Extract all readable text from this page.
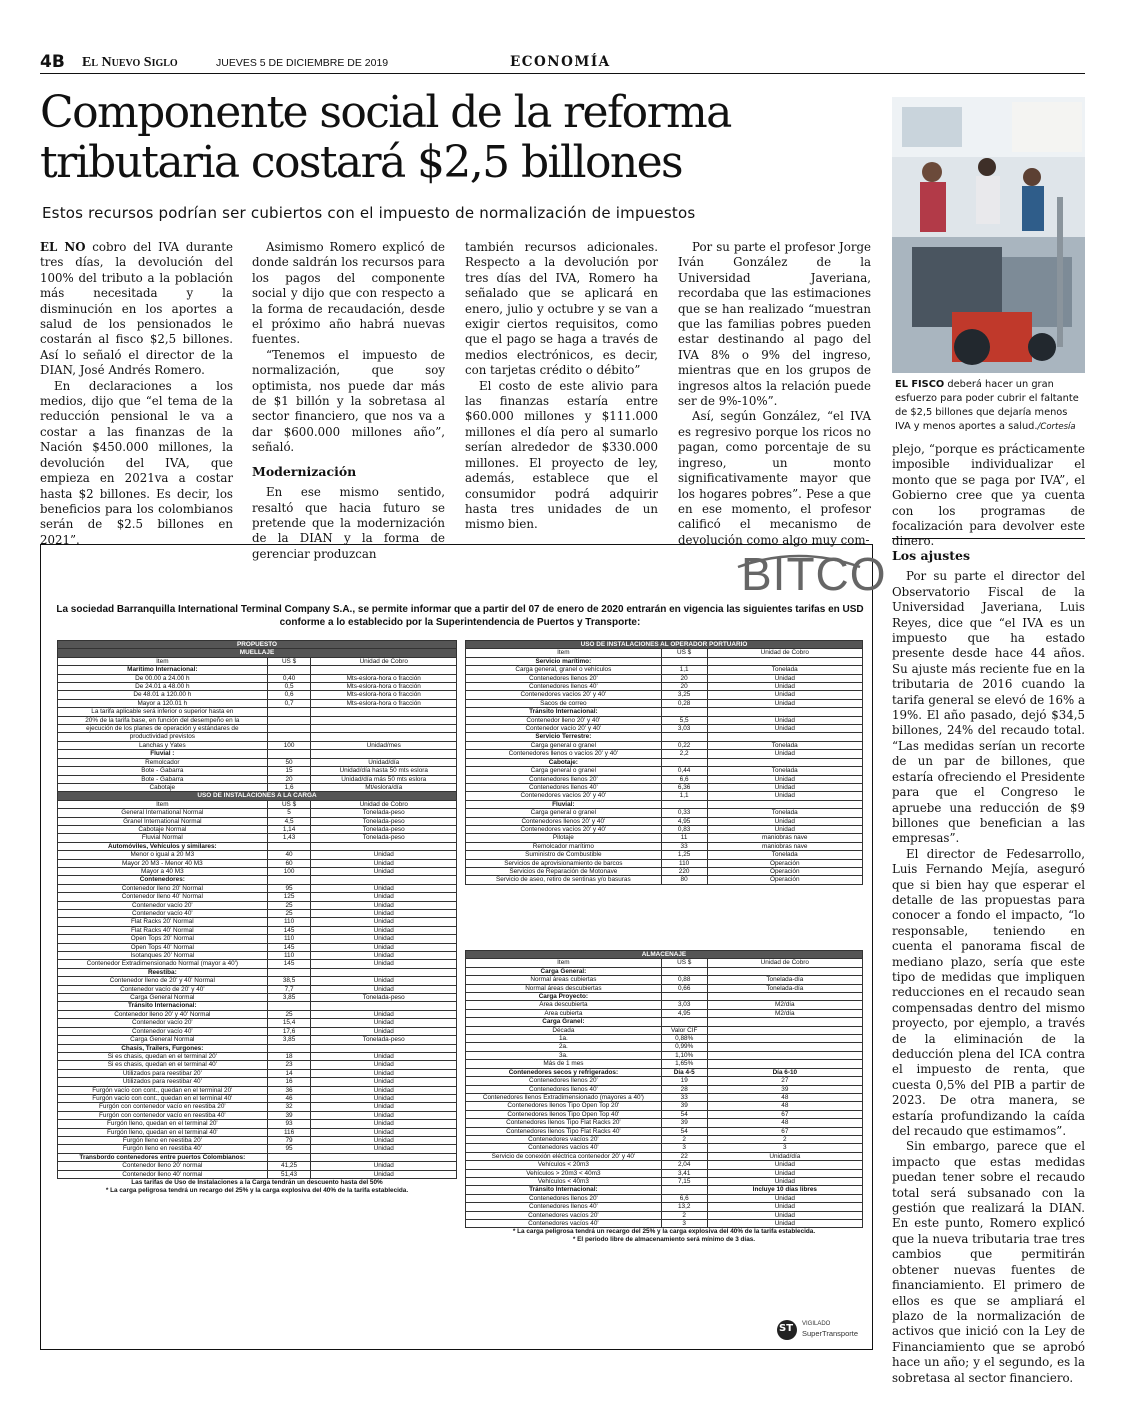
4B El Nuevo Siglo	JUEVES 5 DE DICIEMBRE DE 2019	ECONOMÍA
Componente social de la reforma tributaria costará $2,5 billones
Estos recursos podrían ser cubiertos con el impuesto de normalización de impuestos

EL NO cobro del IVA durante tres días, la devolución del 100% del tributo a la población más necesitada y la disminución en los aportes a salud de los pensionados le costarán al fisco $2,5 billones. Así lo señaló el director de la DIAN, José Andrés Romero.

En declaraciones a los medios, dijo que “el tema de la reducción pensional le va a costar a las finanzas de la Nación $450.000 millones, la devolución del IVA, que empieza en 2021va a costar hasta $2 billones. Es decir, los beneficios para los colombianos serán de $2.5 billones en 2021”.

Asimismo Romero explicó de donde saldrán los recursos para los pagos del componente social y dijo que con respecto a la forma de recaudación, desde el próximo año habrá nuevas fuentes.

“Tenemos el impuesto de normalización, que soy optimista, nos puede dar más de $1 billón y la sobretasa al sector financiero, que nos va a dar $600.000 millones año”, señaló.

Modernización

En ese mismo sentido, resaltó que hacia futuro se pretende que la modernización de la DIAN y la forma de gerenciar produzcan

también recursos adicionales. Respecto a la devolución por tres días del IVA, Romero ha señalado que se aplicará en enero, julio y octubre y se van a exigir ciertos requisitos, como que el pago se haga a través de medios electrónicos, es decir, con tarjetas crédito o débito”

El costo de este alivio para las finanzas estaría entre $60.000 millones y $111.000 millones el día pero al sumarlo serían alrededor de $330.000 millones. El proyecto de ley, además, establece que el consumidor podrá adquirir hasta tres unidades de un mismo bien.

Por su parte el profesor Jorge Iván González de la Universidad Javeriana, recordaba que las estimaciones que se han realizado “muestran que las familias pobres pueden estar destinando al pago del IVA 8% o 9% del ingreso, mientras que en los grupos de ingresos altos la relación puede ser de 9%-10%”.

Así, según González, “el IVA es regresivo porque los ricos no pagan, como porcentaje de su ingreso, un monto significativamente mayor que los hogares pobres”. Pese a que en ese momento, el profesor calificó el mecanismo de devolución como algo muy com-

EL FISCO deberá hacer un gran esfuerzo para poder cubrir el faltante de $2,5 billones que dejaría menos IVA y menos aportes a salud./Cortesía

plejo, “porque es prácticamente imposible individualizar el monto que se paga por IVA”, el Gobierno cree que ya cuenta con los programas de focalización para devolver este dinero.

Los ajustes

Por su parte el director del Observatorio Fiscal de la Universidad Javeriana, Luis Reyes, dice que “el IVA es un impuesto que ha estado presente desde hace 44 años. Su ajuste más reciente fue en la tributaria de 2016 cuando la tarifa general se elevó de 16% a 19%. El año pasado, dejó $34,5 billones, 24% del recaudo total. “Las medidas serían un recorte de un par de billones, que estaría ofreciendo el Presidente para que el Congreso le apruebe una reducción de $9 billones que benefician a las empresas”.

El director de Fedesarrollo, Luis Fernando Mejía, aseguró que si bien hay que esperar el detalle de las propuestas para conocer a fondo el impacto, “lo responsable, teniendo en cuenta el panorama fiscal de mediano plazo, sería que este tipo de medidas que impliquen reducciones en el recaudo sean compensadas dentro del mismo proyecto, por ejemplo, a través de la eliminación de la deducción plena del ICA contra el impuesto de renta, que cuesta 0,5% del PIB a partir de 2023. De otra manera, se estaría profundizando la caída del recaudo que estimamos”.

Sin embargo, parece que el impacto que estas medidas puedan tener sobre el recaudo total será subsanado con la gestión que realizará la DIAN. En este punto, Romero explicó que la nueva tributaria trae tres cambios que permitirán obtener nuevas fuentes de financiamiento. El primero de ellos es que se ampliará el plazo de la normalización de activos que inició con la Ley de Financiamiento que se aprobó hace un año; y el segundo, es la sobretasa al sector financiero.

BITCO
La sociedad Barranquilla International Terminal Company S.A., se permite informar que a partir del 07 de enero de 2020 entrarán en vigencia las siguientes tarifas en USD conforme a lo establecido por la Superintendencia de Puertos y Transporte:
PROPUESTO		
MUELLAJE		
Item	US $	Unidad de Cobro
Marítimo Internacional:		
De 00.00 a 24.00 h	0,40	Mts-eslora-hora o fracción
De 24.01 a 48.00 h	0,5	Mts-eslora-hora o fracción
De 48.01 a 120.00 h	0,6	Mts-eslora-hora o fracción
Mayor a 120.01 h	0,7	Mts-eslora-hora o fracción
La tarifa aplicable será inferior o superior hasta en		
20% de la tarifa base, en función del desempeño en la		
ejecución de los planes de operación y estándares de		
productividad previstos		
Lanchas y Yates	100	Unidad/mes
Fluvial :		
Remolcador	50	Unidad/día
Bote - Gabarra	15	Unidad/día hasta 50 mts eslora
Bote - Gabarra	20	Unidad/día más 50 mts eslora
Cabotaje	1,6	Mt/eslora/día
USO DE INSTALACIONES A LA CARGA		
Item	US $	Unidad de Cobro
General International Normal	5	Tonelada-peso
Granel International Normal	4,5	Tonelada-peso
Cabotaje Normal	1,14	Tonelada-peso
Fluvial Normal	1,43	Tonelada-peso
Automóviles, Vehículos y similares:		
Menor o igual a 20 M3	40	Unidad
Mayor 20 M3 - Menor 40 M3	60	Unidad
Mayor a 40 M3	100	Unidad
Contenedores:		
Contenedor lleno 20' Normal	95	Unidad
Contenedor lleno 40' Normal	125	Unidad
Contenedor vacío 20'	25	Unidad
Contenedor vacío 40'	25	Unidad
Flat Racks 20' Normal	110	Unidad
Flat Racks 40' Normal	145	Unidad
Open Tops 20' Normal	110	Unidad
Open Tops 40' Normal	145	Unidad
Isotanques 20' Normal	110	Unidad
Contenedor Extradimensionado Normal (mayor a 40')	145	Unidad
Reestiba:		
Contenedor lleno de 20' y 40' Normal	38,5	Unidad
Contenedor vacío de 20' y 40'	7,7	Unidad
Carga General Normal	3,85	Tonelada-peso
Tránsito Internacional:		
Contenedor lleno 20' y 40' Normal	25	Unidad
Contenedor vacío 20'	15,4	Unidad
Contenedor vacío 40'	17,6	Unidad
Carga General Normal	3,85	Tonelada-peso
Chasis, Trailers, Furgones:		
Si es chasis, quedan en el terminal 20'	18	Unidad
Si es chasis, quedan en el terminal 40'	23	Unidad
Utilizados para reestibar 20'	14	Unidad
Utilizados para reestibar 40'	16	Unidad
Furgón vacío con cont., quedan en el terminal 20'	36	Unidad
Furgón vacío con cont., quedan en el terminal 40'	46	Unidad
Furgón con contenedor vacío en reestiba 20'	32	Unidad
Furgón con contenedor vacío en reestiba 40'	39	Unidad
Furgón lleno, quedan en el terminal 20'	93	Unidad
Furgón lleno, quedan en el terminal 40'	116	Unidad
Furgón lleno en reestiba 20'	79	Unidad
Furgón lleno en reestiba 40'	95	Unidad
Transbordo contenedores entre puertos Colombianos:		
Contenedor lleno 20' normal	41,25	Unidad
Contenedor lleno 40' normal	51,43	Unidad
Las tarifas de Uso de Instalaciones a la Carga tendrán un descuento hasta del 50%		
* La carga peligrosa tendrá un recargo del 25% y la carga explosiva del 40% de la tarifa establecida.		
USO DE INSTALACIONES AL OPERADOR PORTUARIO		
Item	US $	Unidad de Cobro
Servicio marítimo:		
Carga general, granel o vehículos	1,1	Tonelada
Contenedores llenos 20'	20	Unidad
Contenedores llenos 40'	20	Unidad
Contenedores vacíos 20' y 40'	3,25	Unidad
Sacos de correo	0,28	Unidad
Tránsito Internacional:		
Contenedor lleno 20' y 40'	5,5	Unidad
Contenedor vacío 20' y 40'	3,03	Unidad
Servicio Terrestre:		
Carga general o granel	0,22	Tonelada
Contenedores llenos o vacíos 20' y 40'	2,2	Unidad
Cabotaje:		
Carga general o granel	0,44	Tonelada
Contenedores llenos 20'	6,6	Unidad
Contenedores llenos 40'	6,36	Unidad
Contenedores vacíos 20' y 40'	1,1	Unidad
Fluvial:		
Carga general o granel	0,33	Tonelada
Contenedores llenos 20' y 40'	4,95	Unidad
Contenedores vacíos 20' y 40'	0,83	Unidad
Pilotaje	11	maniobras nave
Remolcador marítimo	33	maniobras nave
Suministro de Combustible	1,25	Tonelada
Servicios de aprovisionamiento de barcos	110	Operación
Servicios de Reparación de Motonave	220	Operación
Servicio de aseo, retiro de sentinas y/o basuras	80	Operación
ALMACENAJE		
Item	US $	Unidad de Cobro
Carga General:		
Normal áreas cubiertas	0,88	Tonelada-día
Normal áreas descubiertas	0,66	Tonelada-día
Carga Proyecto:		
Área descubierta	3,03	M2/día
Area cubierta	4,95	M2/día
Carga Granel:		
Década	Valor CIF	
1a.	0,88%	
2a.	0,99%	
3a.	1,10%	
Más de 1 mes	1,65%	
Contenedores secos y refrigerados:	Día 4-5	Día 6-10
Contenedores llenos 20'	19	27
Contenedores llenos 40'	28	39
Contenedores llenos Extradimensionado (mayores a 40')	33	48
Contenedores llenos Tipo Open Top 20'	39	48
Contenedores llenos Tipo Open Top 40'	54	67
Contenedores llenos Tipo Flat Racks 20'	39	48
Contenedores llenos Tipo Flat Racks 40'	54	67
Contenedores vacíos 20'	2	2
Contenedores vacíos 40'	3	3
Servicio de conexión eléctrica contenedor 20' y 40'	22	Unidad/día
Vehículos < 20m3	2,04	Unidad
Vehículos > 20m3 < 40m3	3,41	Unidad
Vehículos < 40m3	7,15	Unidad
Tránsito Internacional:		Incluye 10 días libres
Contenedores llenos 20'	6,6	Unidad
Contenedores llenos 40'	13,2	Unidad
Contenedores vacíos 20'	2	Unidad
Contenedores vacíos 40'	3	Unidad
* La carga peligrosa tendrá un recargo del 25% y la carga explosiva del 40% de la tarifa establecida.		
* El periodo libre de almacenamiento será mínimo de 3 días.		
ST VIGILADO
SuperTransporte
